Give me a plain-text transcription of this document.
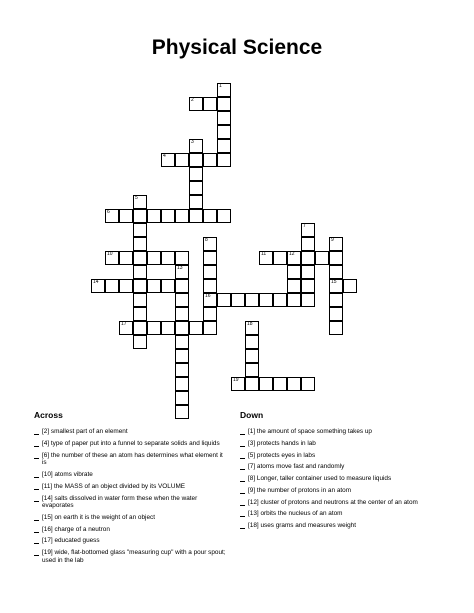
Physical Science
1
2
3
4
5
6
7
8
16
9
15
10	11	12
13
14
17	18
19
Across
[2] smallest part of an element
[4] type of paper put into a funnel to separate solids and liquids
[6] the number of these an atom has determines what element it is
[10] atoms vibrate
[11] the MASS of an object divided by its VOLUME
[14] salts dissolved in water form these when the water evaporates
[15] on earth it is the weight of an object
[16] charge of a neutron
[17] educated guess
[19] wide, flat-bottomed glass "measuring cup" with a pour spout; used in the lab
Down
[1] the amount of space something takes up
[3] protects hands in lab
[5] protects eyes in labs
[7] atoms move fast and randomly
[8] Longer, taller container used to measure liquids
[9] the number of protons in an atom
[12] cluster of protons and neutrons at the center of an atom
[13] orbits the nucleus of an atom
[18] uses grams and measures weight
